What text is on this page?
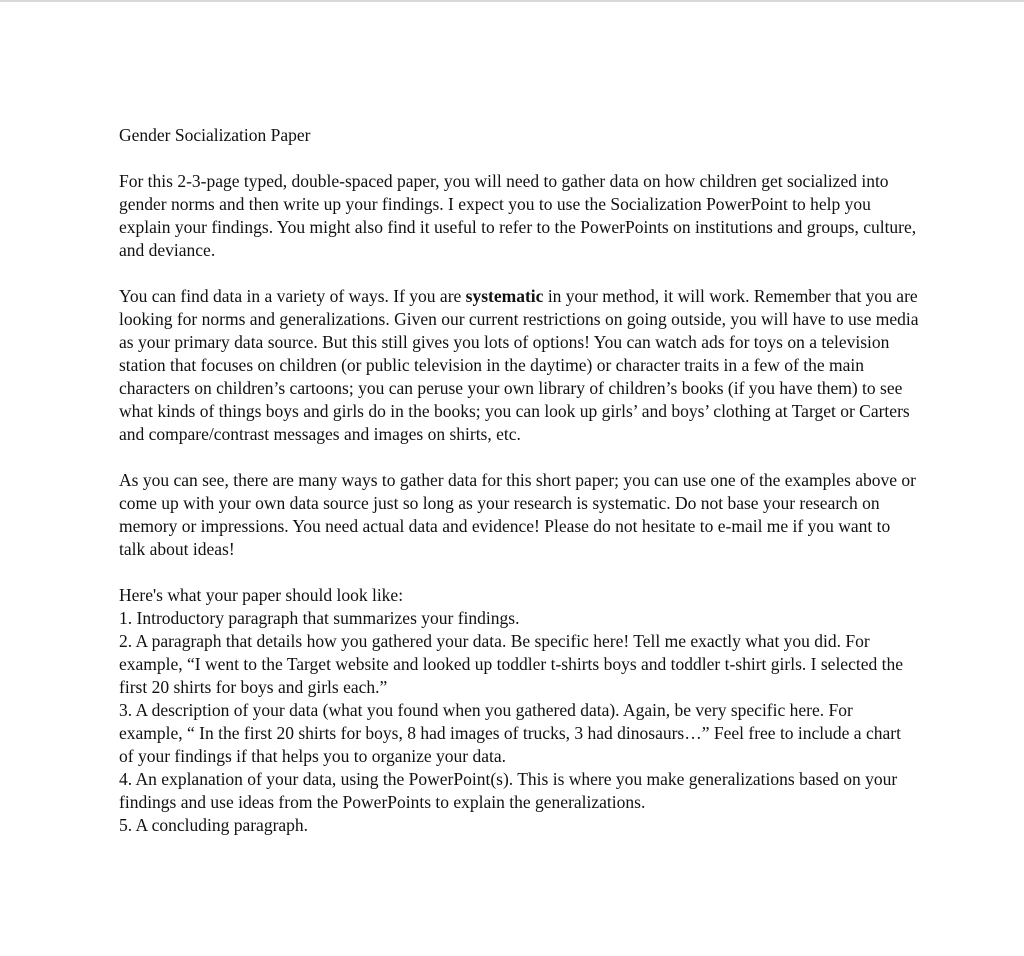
Gender Socialization Paper

For this 2-3-page typed, double-spaced paper, you will need to gather data on how children get socialized into gender norms and then write up your findings. I expect you to use the Socialization PowerPoint to help you explain your findings. You might also find it useful to refer to the PowerPoints on institutions and groups, culture, and deviance.

You can find data in a variety of ways. If you are systematic in your method, it will work. Remember that you are looking for norms and generalizations. Given our current restrictions on going outside, you will have to use media as your primary data source. But this still gives you lots of options! You can watch ads for toys on a television station that focuses on children (or public television in the daytime) or character traits in a few of the main characters on children’s cartoons; you can peruse your own library of children’s books (if you have them) to see what kinds of things boys and girls do in the books; you can look up girls’ and boys’ clothing at Target or Carters and compare/contrast messages and images on shirts, etc.

As you can see, there are many ways to gather data for this short paper; you can use one of the examples above or come up with your own data source just so long as your research is systematic. Do not base your research on memory or impressions. You need actual data and evidence! Please do not hesitate to e-mail me if you want to talk about ideas!

Here's what your paper should look like:

1. Introductory paragraph that summarizes your findings.

2. A paragraph that details how you gathered your data. Be specific here! Tell me exactly what you did. For example, “I went to the Target website and looked up toddler t-shirts boys and toddler t-shirt girls. I selected the first 20 shirts for boys and girls each.”

3. A description of your data (what you found when you gathered data). Again, be very specific here. For example, “ In the first 20 shirts for boys, 8 had images of trucks, 3 had dinosaurs…” Feel free to include a chart of your findings if that helps you to organize your data.

4. An explanation of your data, using the PowerPoint(s). This is where you make generalizations based on your findings and use ideas from the PowerPoints to explain the generalizations.

5. A concluding paragraph.
